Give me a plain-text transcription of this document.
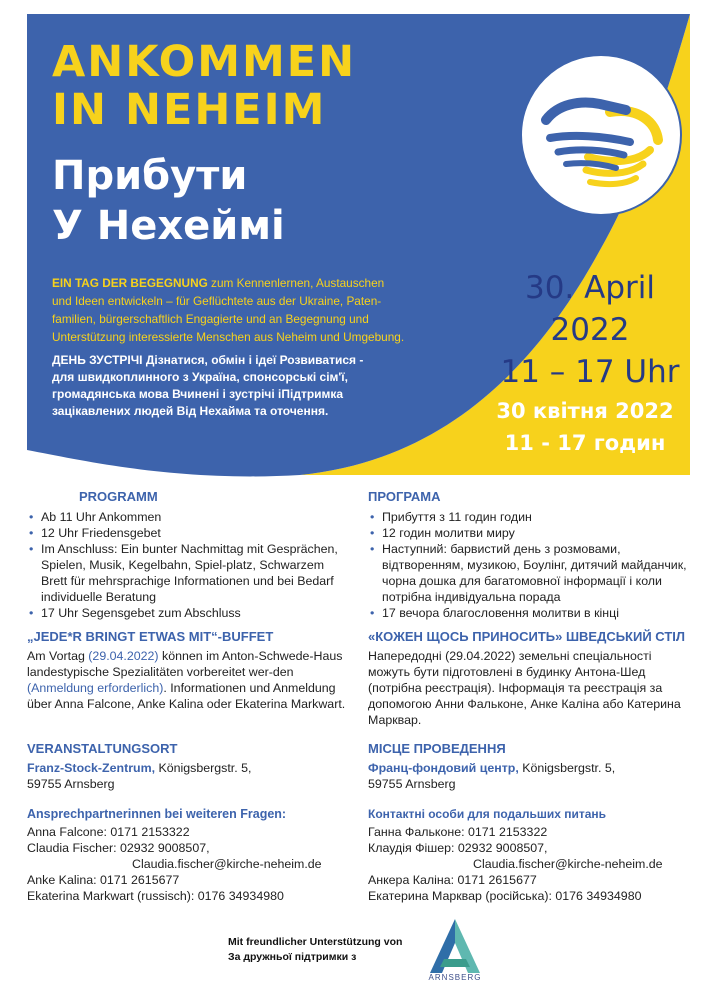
ANKOMMEN
IN NEHEIM
Прибути
У Нехеймі
EIN TAG DER BEGEGNUNG zum Kennenlernen, Austauschen
und Ideen entwickeln – für Geflüchtete aus der Ukraine, Paten-
familien, bürgerschaftlich Engagierte und an Begegnung und
Unterstützung interessierte Menschen aus Neheim und Umgebung.
ДЕНЬ ЗУСТРІЧІ Дізнатися, обмін і ідеї Розвиватися -
для швидкоплинного з Україна, спонсорські сім'ї,
громадянська мова Вчинені і зустрічі іПідтримка
зацікавлених людей Від Нехайма та оточення.
30. April
2022
11 – 17 Uhr
30 квітня 2022
11 - 17 годин
PROGRAMM
• Ab 11 Uhr Ankommen
• 12 Uhr Friedensgebet
• Im Anschluss: Ein bunter Nachmittag mit Gesprächen, Spielen, Musik, Kegelbahn, Spiel-platz, Schwarzem Brett für mehrsprachige Informationen und bei Bedarf individuelle Beratung
• 17 Uhr Segensgebet zum Abschluss
„JEDE*R BRINGT ETWAS MIT“-BUFFET
Am Vortag (29.04.2022) können im Anton-Schwede-Haus landestypische Spezialitäten vorbereitet wer-den (Anmeldung erforderlich). Informationen und Anmeldung über Anna Falcone, Anke Kalina oder Ekaterina Markwart.
VERANSTALTUNGSORT
Franz-Stock-Zentrum, Königsbergstr. 5,
59755 Arnsberg
Ansprechpartnerinnen bei weiteren Fragen:
Anna Falcone: 0171 2153322
Claudia Fischer: 02932 9008507,
Claudia.fischer@kirche-neheim.de
Anke Kalina: 0171 2615677
Ekaterina Markwart (russisch): 0176 34934980
ПРОГРАМА
• Прибуття з 11 годин годин
• 12 годин молитви миру
• Наступний: барвистий день з розмовами, відтворенням, музикою, Боулінг, дитячий майданчик, чорна дошка для багатомовної інформації і коли потрібна індивідуальна порада
• 17 вечора благословення молитви в кінці
«КОЖЕН ЩОСЬ ПРИНОСИТЬ» ШВЕДСЬКИЙ СТІЛ
Напередодні (29.04.2022) земельні спеціальності можуть бути підготовлені в будинку Антона-Шед (потрібна реєстрація). Інформація та реєстрація за допомогою Анни Фальконе, Анке Каліна або Катерина Марквар.
МІСЦЕ ПРОВЕДЕННЯ
Франц-фондовий центр, Königsbergstr. 5,
59755 Arnsberg
Контактні особи для подальших питань
Ганна Фальконе: 0171 2153322
Клаудія Фішер: 02932 9008507,
Claudia.fischer@kirche-neheim.de
Анкера Каліна: 0171 2615677
Екатерина Марквар (російська): 0176 34934980
Mit freundlicher Unterstützung von
За дружньої підтримки з
ARNSBERG
